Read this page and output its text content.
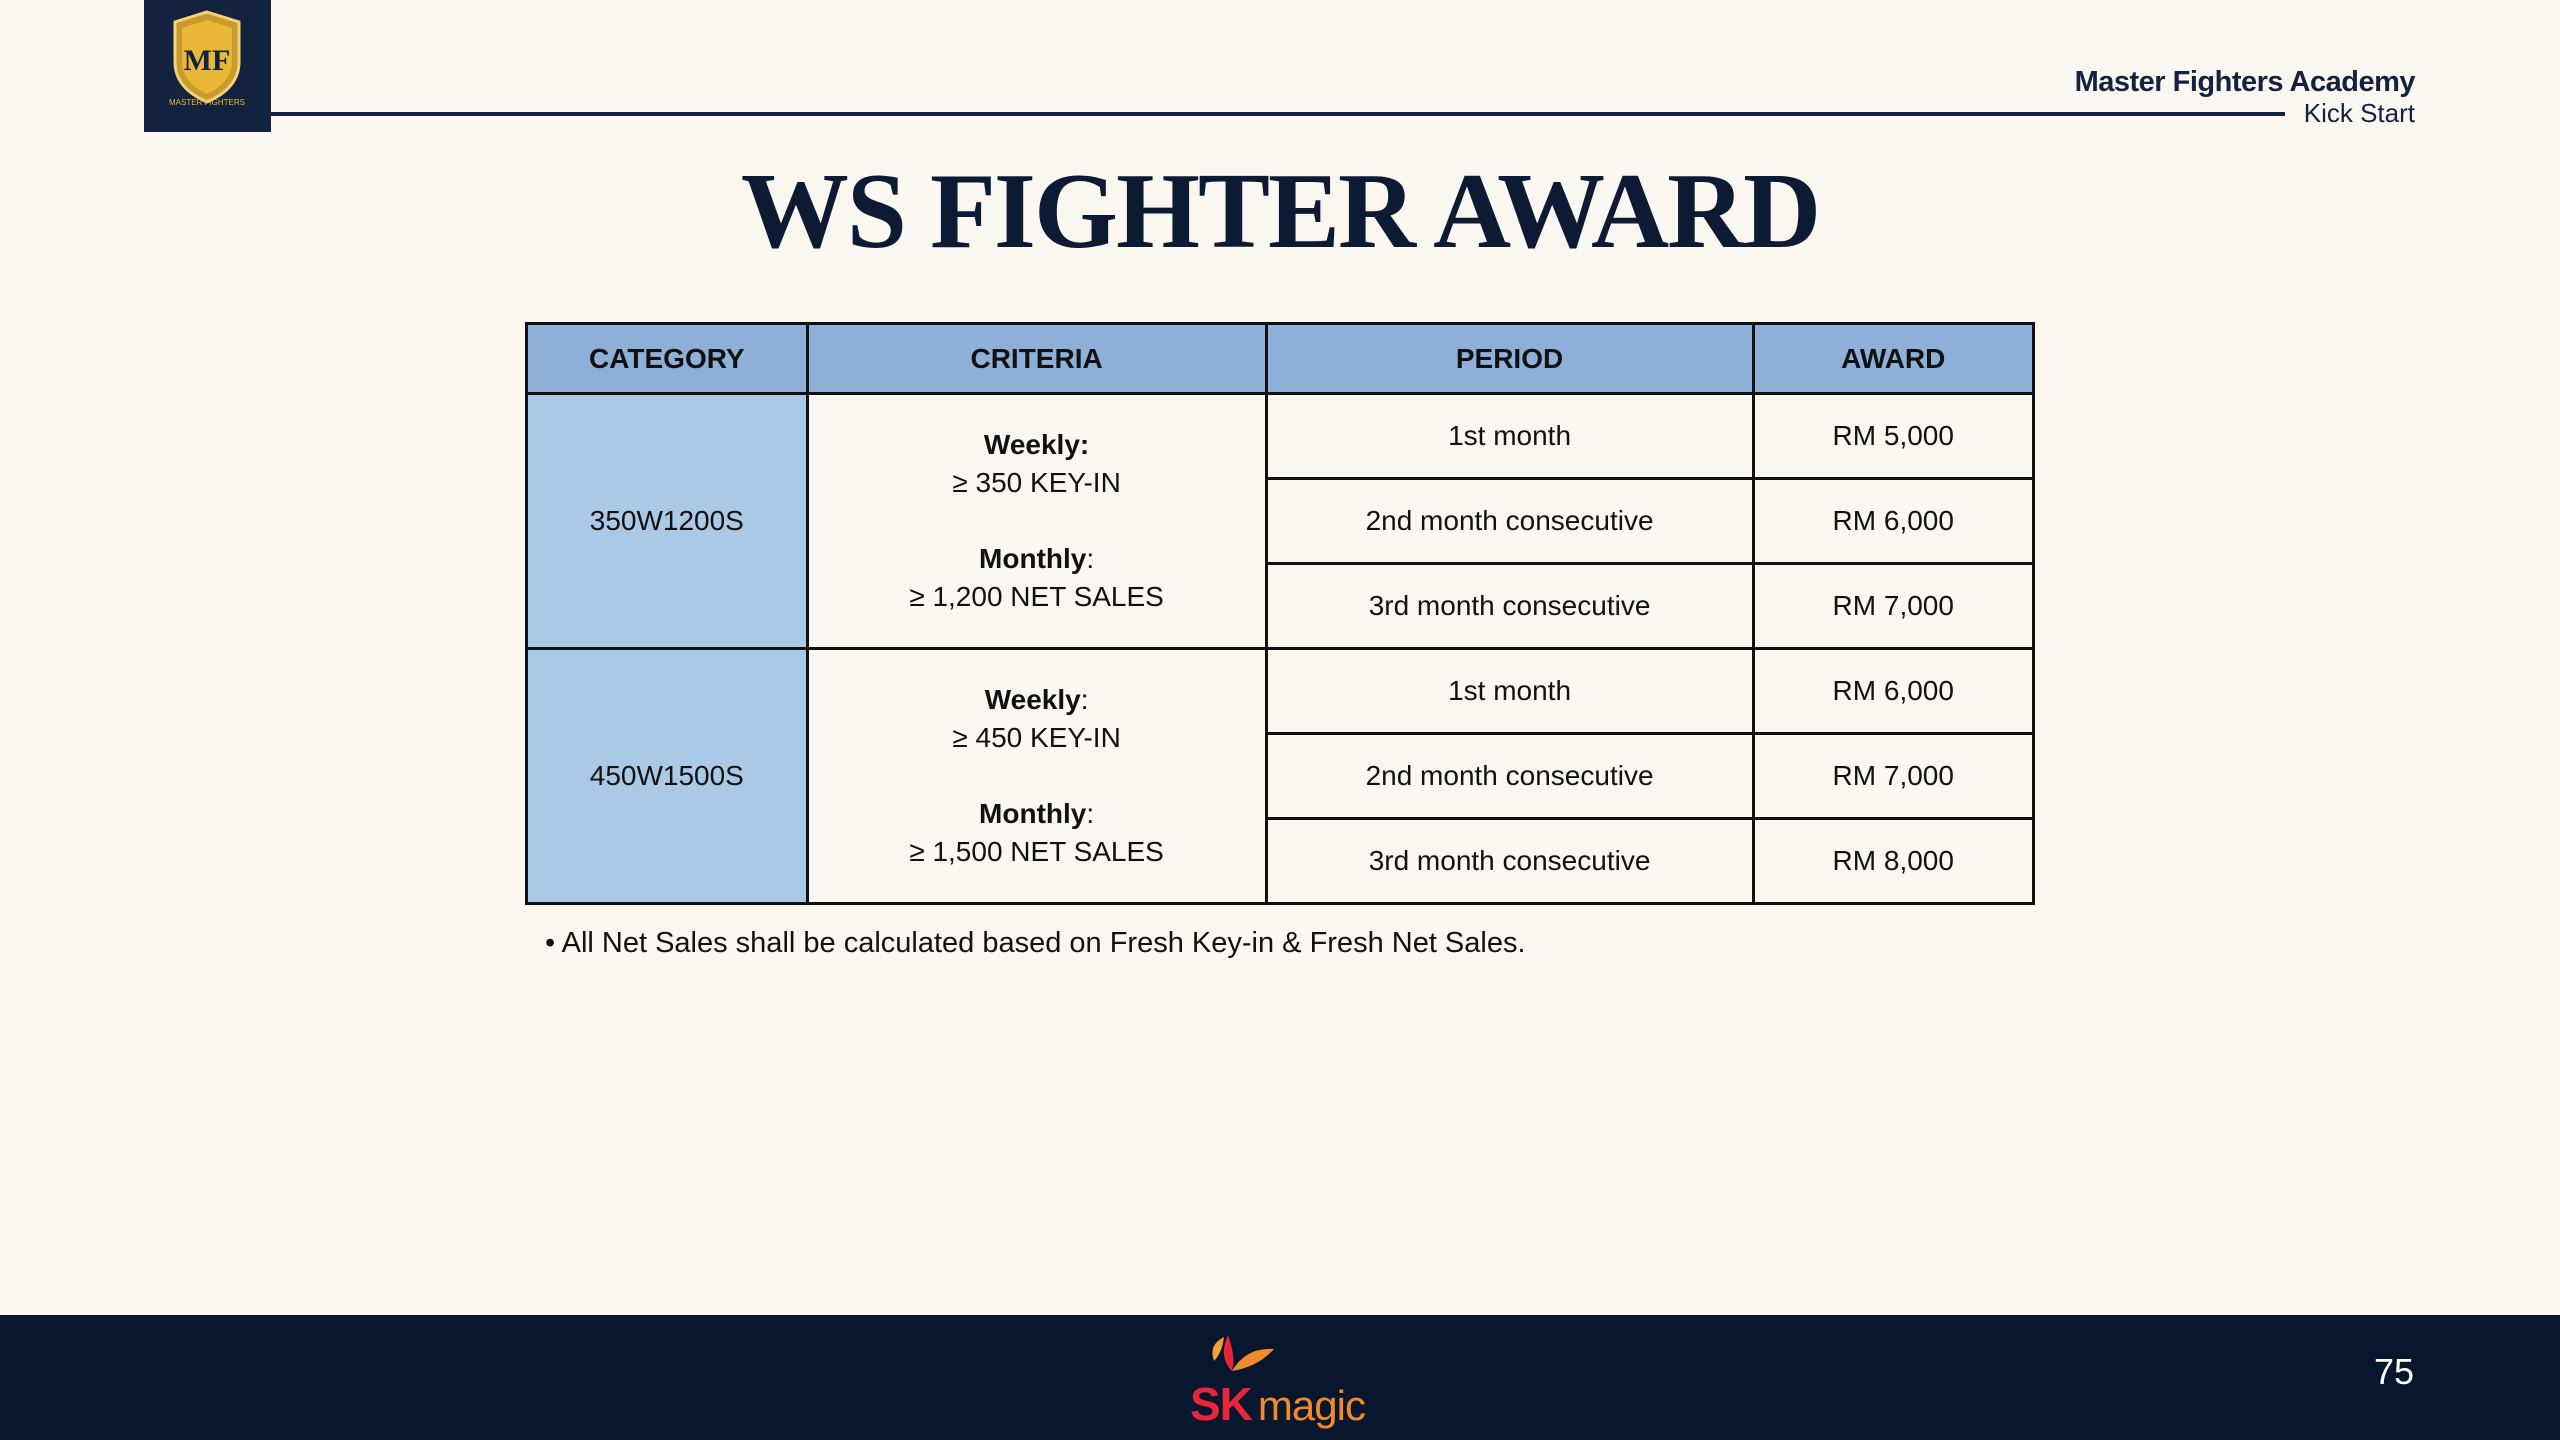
MF
MASTER FIGHTERS
Master Fighters Academy
Kick Start
WS FIGHTER AWARD
CATEGORY	CRITERIA	PERIOD	AWARD
350W1200S	Weekly:
≥ 350 KEY-IN
Monthly:
≥ 1,200 NET SALES	1st month	RM 5,000
		2nd month consecutive	RM 6,000
		3rd month consecutive	RM 7,000
450W1500S	Weekly:
≥ 450 KEY-IN
Monthly:
≥ 1,500 NET SALES	1st month	RM 6,000
		2nd month consecutive	RM 7,000
		3rd month consecutive	RM 8,000
• All Net Sales shall be calculated based on Fresh Key-in & Fresh Net Sales.
SK magic
75
